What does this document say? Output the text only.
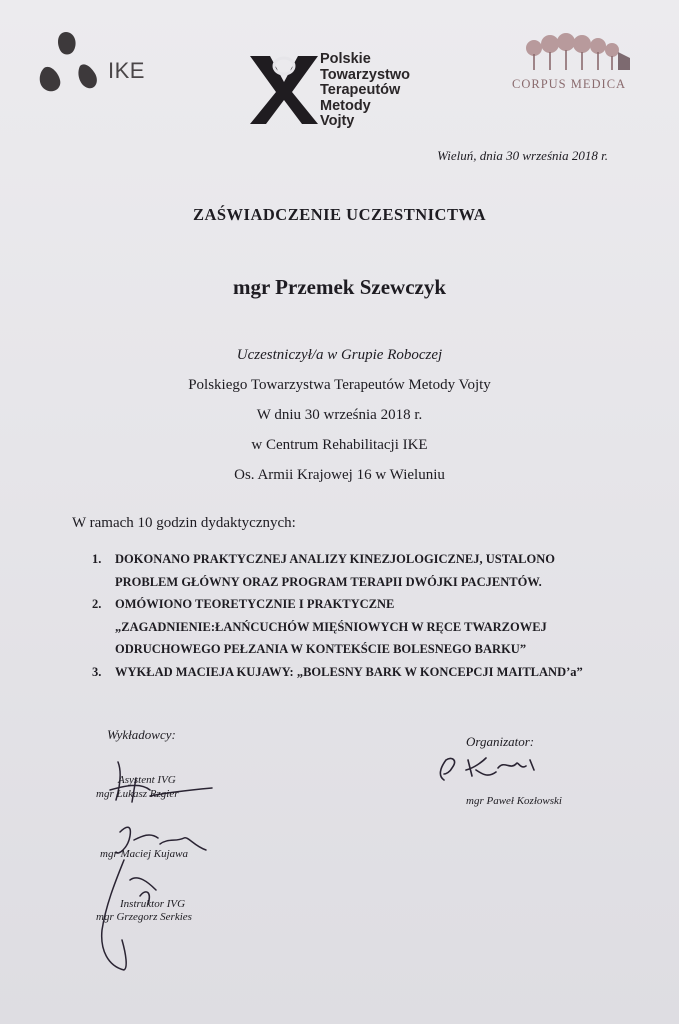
IKE	Polskie
Towarzystwo
Terapeutów
Metody
Vojty
CORPUS MEDICA
Wieluń, dnia 30 września 2018 r.
ZAŚWIADCZENIE UCZESTNICTWA
mgr Przemek Szewczyk
Uczestniczył/a w Grupie Roboczej
Polskiego Towarzystwa Terapeutów Metody Vojty
W dniu 30 września 2018 r.
w Centrum Rehabilitacji IKE
Os. Armii Krajowej 16 w Wieluniu
W ramach 10 godzin dydaktycznych:
1. DOKONANO PRAKTYCZNEJ ANALIZY KINEZJOLOGICZNEJ, USTALONO
PROBLEM GŁÓWNY ORAZ PROGRAM TERAPII DWÓJKI PACJENTÓW.
2. OMÓWIONO TEORETYCZNIE I PRAKTYCZNE
„ZAGADNIENIE:ŁANŃCUCHÓW MIĘŚNIOWYCH W RĘCE TWARZOWEJ
ODRUCHOWEGO PEŁZANIA W KONTEKŚCIE BOLESNEGO BARKU”
3. WYKŁAD MACIEJA KUJAWY: „BOLESNY BARK W KONCEPCJI MAITLAND’a”
Wykładowcy:	Organizator:
mgr Paweł Kozłowski
Asystent IVG
mgr Łukasz Rzgier
mgr Maciej Kujawa
Instruktor IVG
mgr Grzegorz Serkies
